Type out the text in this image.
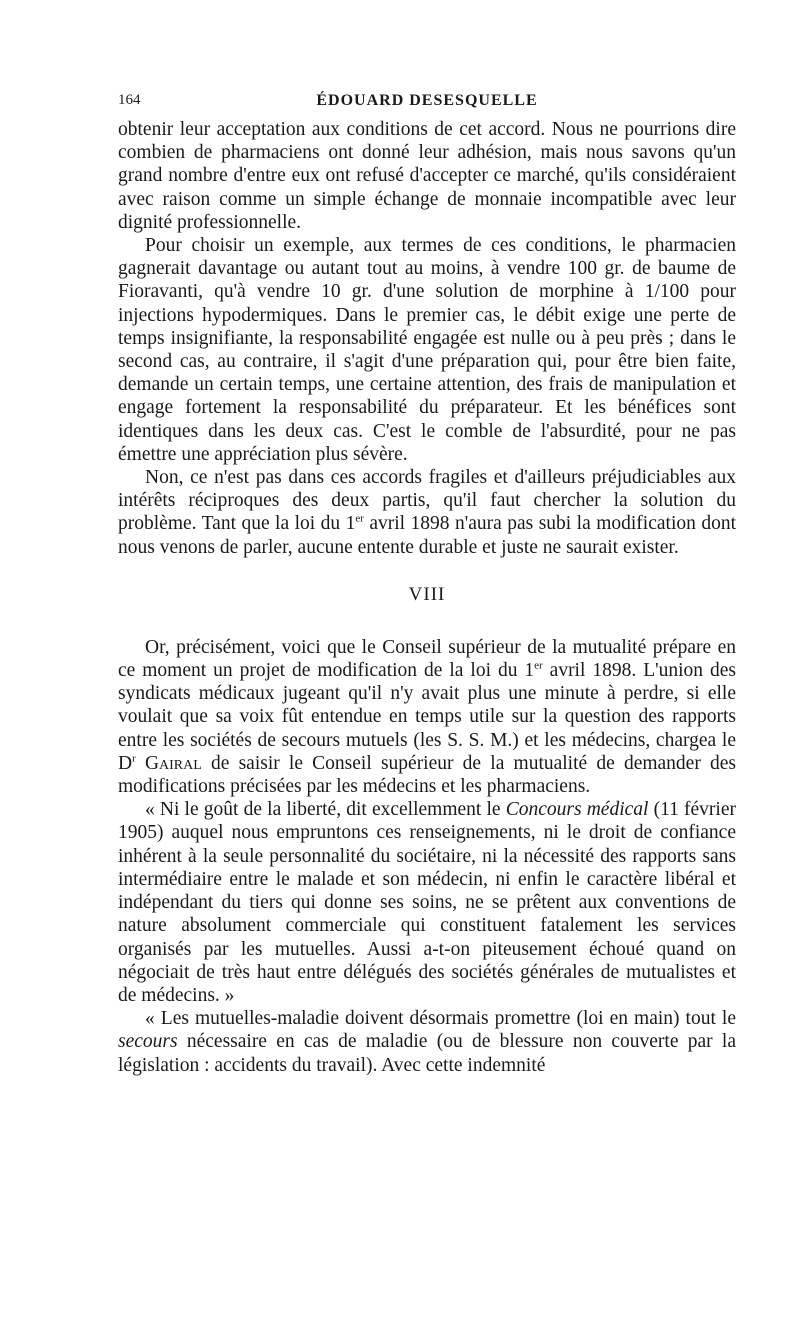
164	ÉDOUARD DESESQUELLE

obtenir leur acceptation aux conditions de cet accord. Nous ne pourrions dire combien de pharmaciens ont donné leur adhésion, mais nous savons qu'un grand nombre d'entre eux ont refusé d'accepter ce marché, qu'ils considéraient avec raison comme un simple échange de monnaie incompatible avec leur dignité professionnelle.

Pour choisir un exemple, aux termes de ces conditions, le pharmacien gagnerait davantage ou autant tout au moins, à vendre 100 gr. de baume de Fioravanti, qu'à vendre 10 gr. d'une solution de morphine à 1/100 pour injections hypodermiques. Dans le premier cas, le débit exige une perte de temps insignifiante, la responsabilité engagée est nulle ou à peu près ; dans le second cas, au contraire, il s'agit d'une préparation qui, pour être bien faite, demande un certain temps, une certaine attention, des frais de manipulation et engage fortement la responsabilité du préparateur. Et les bénéfices sont identiques dans les deux cas. C'est le comble de l'absurdité, pour ne pas émettre une appréciation plus sévère.

Non, ce n'est pas dans ces accords fragiles et d'ailleurs préjudiciables aux intérêts réciproques des deux partis, qu'il faut chercher la solution du problème. Tant que la loi du 1er avril 1898 n'aura pas subi la modification dont nous venons de parler, aucune entente durable et juste ne saurait exister.

VIII

Or, précisément, voici que le Conseil supérieur de la mutualité prépare en ce moment un projet de modification de la loi du 1er avril 1898. L'union des syndicats médicaux jugeant qu'il n'y avait plus une minute à perdre, si elle voulait que sa voix fût entendue en temps utile sur la question des rapports entre les sociétés de secours mutuels (les S. S. M.) et les médecins, chargea le $D^r$ Gairal de saisir le Conseil supérieur de la mutualité de demander des modifications précisées par les médecins et les pharmaciens.

« Ni le goût de la liberté, dit excellemment le Concours médical (11 février 1905) auquel nous empruntons ces renseignements, ni le droit de confiance inhérent à la seule personnalité du sociétaire, ni la nécessité des rapports sans intermédiaire entre le malade et son médecin, ni enfin le caractère libéral et indépendant du tiers qui donne ses soins, ne se prêtent aux conventions de nature absolument commerciale qui constituent fatalement les services organisés par les mutuelles. Aussi a-t-on piteusement échoué quand on négociait de très haut entre délégués des sociétés générales de mutualistes et de médecins. »

« Les mutuelles-maladie doivent désormais promettre (loi en main) tout le secours nécessaire en cas de maladie (ou de blessure non couverte par la législation : accidents du travail). Avec cette indemnité
